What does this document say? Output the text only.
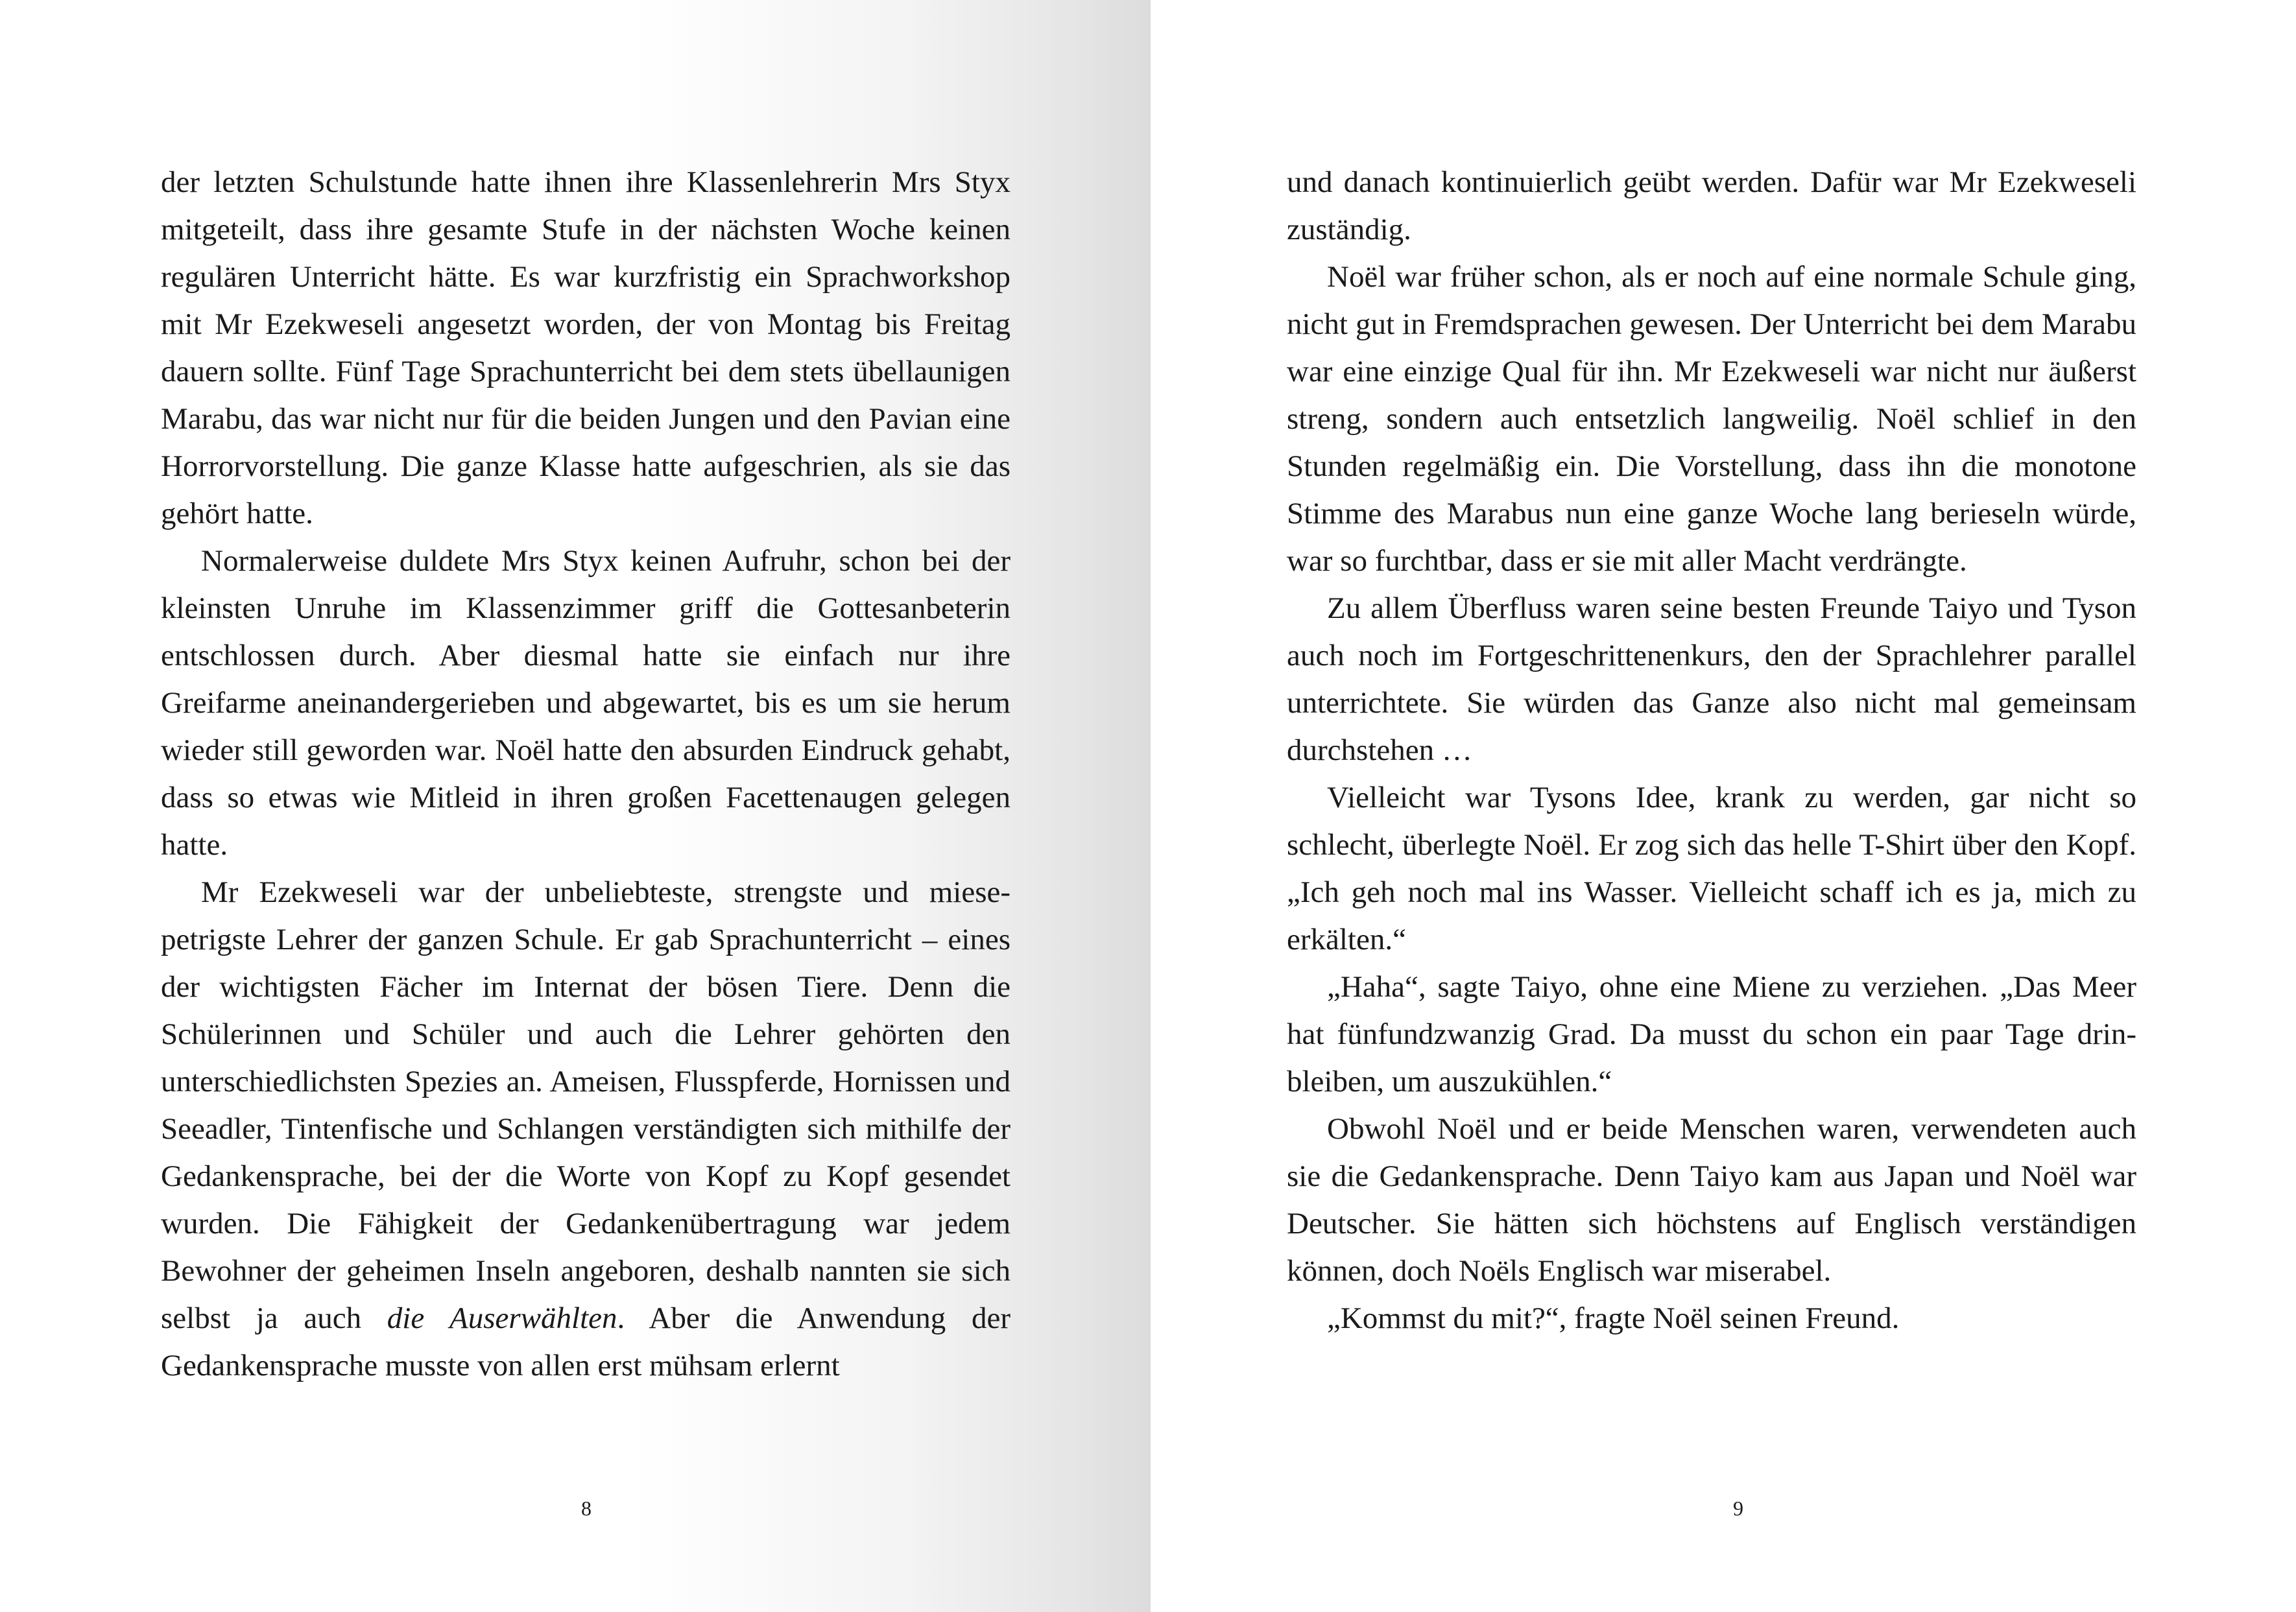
der letzten Schulstunde hatte ihnen ihre Klassenlehrerin Mrs Styx mitgeteilt, dass ihre gesamte Stufe in der nächsten Woche keinen regulären Unterricht hätte. Es war kurzfristig ein Sprachworkshop mit Mr Ezekweseli angesetzt worden, der von Montag bis Freitag dauern sollte. Fünf Tage Sprachunterricht bei dem stets übellaunigen Marabu, das war nicht nur für die beiden Jungen und den Pavian eine Horrorvorstellung. Die ganze Klasse hatte aufgeschrien, als sie das gehört hatte.

Normalerweise duldete Mrs Styx keinen Aufruhr, schon bei der kleinsten Unruhe im Klassenzimmer griff die Gottesanbeterin entschlossen durch. Aber diesmal hatte sie einfach nur ihre Greifarme aneinandergerieben und abgewartet, bis es um sie herum wieder still geworden war. Noël hatte den absurden Eindruck gehabt, dass so etwas wie Mitleid in ihren großen Facettenaugen gelegen hatte.

Mr Ezekweseli war der unbeliebteste, strengste und miesepetrigste Lehrer der ganzen Schule. Er gab Sprachunterricht – eines der wichtigsten Fächer im Internat der bösen Tiere. Denn die Schülerinnen und Schüler und auch die Lehrer gehörten den unterschiedlichsten Spezies an. Ameisen, Flusspferde, Hornissen und Seeadler, Tintenfische und Schlangen verständigten sich mithilfe der Gedankensprache, bei der die Worte von Kopf zu Kopf gesendet wurden. Die Fähigkeit der Gedankenübertragung war jedem Bewohner der geheimen Inseln angeboren, deshalb nannten sie sich selbst ja auch die Auserwählten. Aber die Anwendung der Gedankensprache musste von allen erst mühsam erlernt

8

und danach kontinuierlich geübt werden. Dafür war Mr Ezekweseli zuständig.

Noël war früher schon, als er noch auf eine normale Schule ging, nicht gut in Fremdsprachen gewesen. Der Unterricht bei dem Marabu war eine einzige Qual für ihn. Mr Ezekweseli war nicht nur äußerst streng, sondern auch entsetzlich langweilig. Noël schlief in den Stunden regelmäßig ein. Die Vorstellung, dass ihn die monotone Stimme des Marabus nun eine ganze Woche lang berieseln würde, war so furchtbar, dass er sie mit aller Macht verdrängte.

Zu allem Überfluss waren seine besten Freunde Taiyo und Tyson auch noch im Fortgeschrittenenkurs, den der Sprachlehrer parallel unterrichtete. Sie würden das Ganze also nicht mal gemeinsam durchstehen …

Vielleicht war Tysons Idee, krank zu werden, gar nicht so schlecht, überlegte Noël. Er zog sich das helle T-Shirt über den Kopf. „Ich geh noch mal ins Wasser. Vielleicht schaff ich es ja, mich zu erkälten.“

„Haha“, sagte Taiyo, ohne eine Miene zu verziehen. „Das Meer hat fünfundzwanzig Grad. Da musst du schon ein paar Tage drinbleiben, um auszukühlen.“

Obwohl Noël und er beide Menschen waren, verwendeten auch sie die Gedankensprache. Denn Taiyo kam aus Japan und Noël war Deutscher. Sie hätten sich höchstens auf Englisch verständigen können, doch Noëls Englisch war miserabel.

„Kommst du mit?“, fragte Noël seinen Freund.

9
